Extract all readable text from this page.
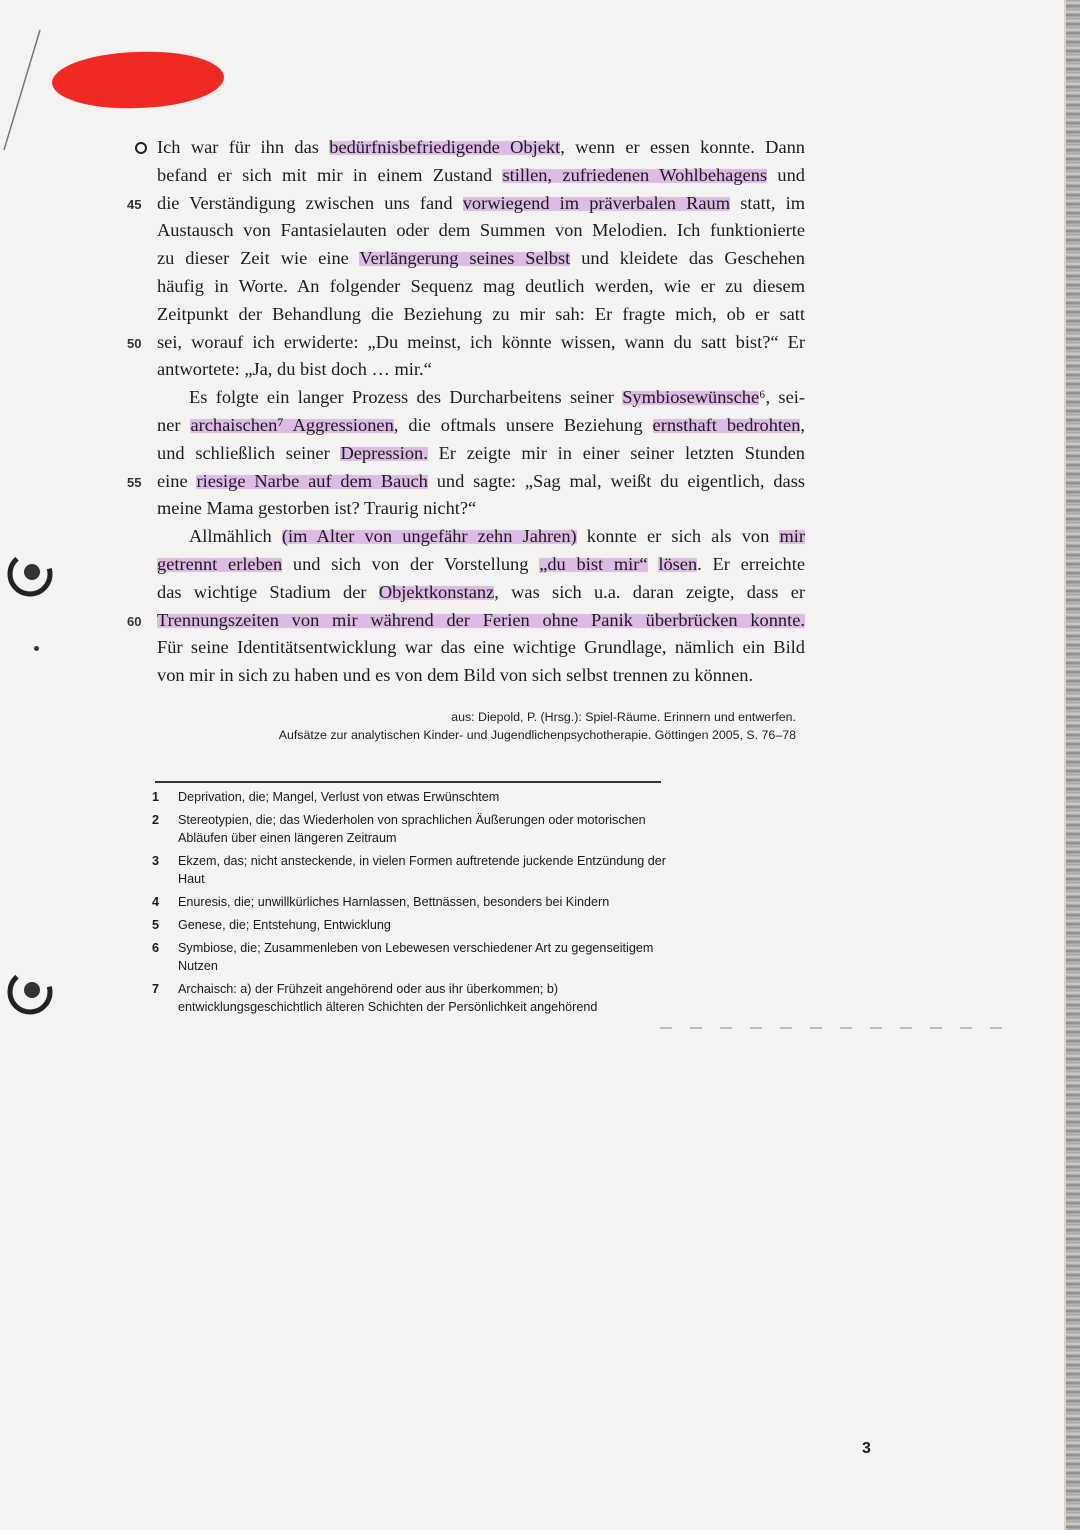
Ich war für ihn das bedürfnisbefriedigende Objekt, wenn er essen konnte. Dann
befand er sich mit mir in einem Zustand stillen, zufriedenen Wohlbehagens und
45 die Verständigung zwischen uns fand vorwiegend im präverbalen Raum statt, im
Austausch von Fantasielauten oder dem Summen von Melodien. Ich funktionierte
zu dieser Zeit wie eine Verlängerung seines Selbst und kleidete das Geschehen
häufig in Worte. An folgender Sequenz mag deutlich werden, wie er zu diesem
Zeitpunkt der Behandlung die Beziehung zu mir sah: Er fragte mich, ob er satt
50 sei, worauf ich erwiderte: „Du meinst, ich könnte wissen, wann du satt bist?“ Er
antwortete: „Ja, du bist doch … mir.“
Es folgte ein langer Prozess des Durcharbeitens seiner Symbiosewünsche⁶, sei-
ner archaischen⁷ Aggressionen, die oftmals unsere Beziehung ernsthaft bedrohten,
und schließlich seiner Depression. Er zeigte mir in einer seiner letzten Stunden
55 eine riesige Narbe auf dem Bauch und sagte: „Sag mal, weißt du eigentlich, dass
meine Mama gestorben ist? Traurig nicht?“
Allmählich (im Alter von ungefähr zehn Jahren) konnte er sich als von mir
getrennt erleben und sich von der Vorstellung „du bist mir“ lösen. Er erreichte
das wichtige Stadium der Objektkonstanz, was sich u.a. daran zeigte, dass er
60 Trennungszeiten von mir während der Ferien ohne Panik überbrücken konnte.
Für seine Identitätsentwicklung war das eine wichtige Grundlage, nämlich ein Bild
von mir in sich zu haben und es von dem Bild von sich selbst trennen zu können.
aus: Diepold, P. (Hrsg.): Spiel-Räume. Erinnern und entwerfen.
Aufsätze zur analytischen Kinder- und Jugendlichenpsychotherapie. Göttingen 2005, S. 76–78
1 Deprivation, die; Mangel, Verlust von etwas Erwünschtem
2 Stereotypien, die; das Wiederholen von sprachlichen Äußerungen oder motorischen Abläufen über einen längeren Zeitraum
3 Ekzem, das; nicht ansteckende, in vielen Formen auftretende juckende Entzündung der Haut
4 Enuresis, die; unwillkürliches Harnlassen, Bettnässen, besonders bei Kindern
5 Genese, die; Entstehung, Entwicklung
6 Symbiose, die; Zusammenleben von Lebewesen verschiedener Art zu gegenseitigem Nutzen
7 Archaisch: a) der Frühzeit angehörend oder aus ihr überkommen; b) entwicklungsgeschichtlich älteren Schichten der Persönlichkeit angehörend
3
